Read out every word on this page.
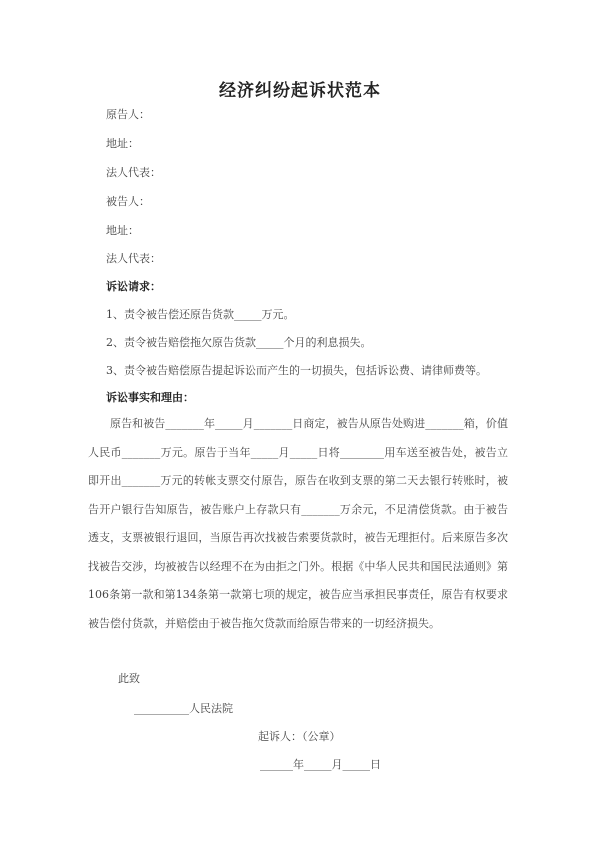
经济纠纷起诉状范本
原告人：
地址：
法人代表：
被告人：
地址：
法人代表：
诉讼请求：
1、责令被告偿还原告货款_____万元。
2、责令被告赔偿拖欠原告货款_____个月的利息损失。
3、责令被告赔偿原告提起诉讼而产生的一切损失，包括诉讼费、请律师费等。
诉讼事实和理由：

原告和被告_______年_____月_______日商定，被告从原告处购进_______箱，价值人民币_______万元。原告于当年_____月_____日将________用车送至被告处，被告立即开出_______万元的转帐支票交付原告，原告在收到支票的第二天去银行转账时，被告开户银行告知原告，被告账户上存款只有_______万余元，不足清偿货款。由于被告透支，支票被银行退回，当原告再次找被告索要货款时，被告无理拒付。后来原告多次找被告交涉，均被被告以经理不在为由拒之门外。根据《中华人民共和国民法通则》第106条第一款和第134条第一款第七项的规定，被告应当承担民事责任，原告有权要求被告偿付货款，并赔偿由于被告拖欠贷款而给原告带来的一切经济损失。

此致
__________人民法院
起诉人：（公章）
______年_____月_____日
